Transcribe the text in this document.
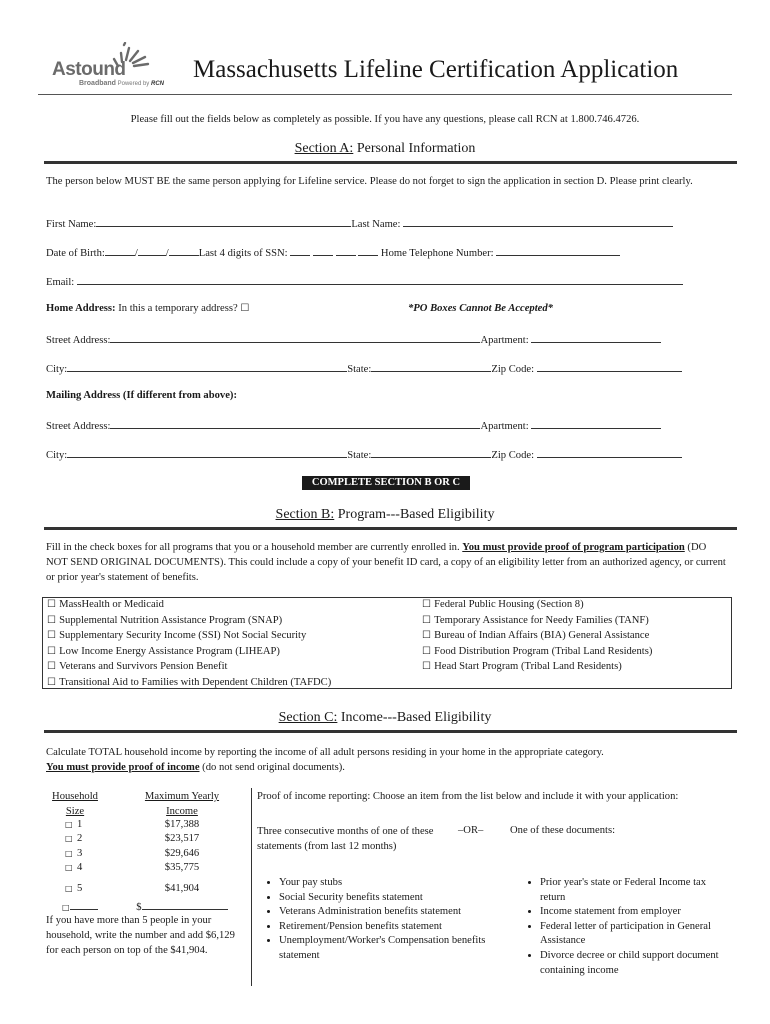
Astound
Broadband Powered by RCN
Massachusetts Lifeline Certification Application
Please fill out the fields below as completely as possible. If you have any questions, please call RCN at 1.800.746.4726.
Section A: Personal Information
The person below MUST BE the same person applying for Lifeline service. Please do not forget to sign the application in section D. Please print clearly.
First Name:	Last Name:
Date of Birth:	/	/	Last 4 digits of SSN:	Home Telephone Number:
Email:
Home Address: In this a temporary address? ☐	*PO Boxes Cannot Be Accepted*
Street Address:	Apartment:
City:	State:	Zip Code:
Mailing Address (If different from above):
Street Address:	Apartment:
City:	State:	Zip Code:
COMPLETE SECTION B OR C
Section B: Program---Based Eligibility
Fill in the check boxes for all programs that you or a household member are currently enrolled in. You must provide proof of program participation (DO NOT SEND ORIGINAL DOCUMENTS). This could include a copy of your benefit ID card, a copy of an eligibility letter from an authorized agency, or current or prior year's statement of benefits.
☐ MassHealth or Medicaid
☐ Supplemental Nutrition Assistance Program (SNAP)
☐ Supplementary Security Income (SSI) Not Social Security
☐ Low Income Energy Assistance Program (LIHEAP)
☐ Veterans and Survivors Pension Benefit
☐ Transitional Aid to Families with Dependent Children (TAFDC)
☐ Federal Public Housing (Section 8)
☐ Temporary Assistance for Needy Families (TANF)
☐ Bureau of Indian Affairs (BIA) General Assistance
☐ Food Distribution Program (Tribal Land Residents)
☐ Head Start Program (Tribal Land Residents)
Section C: Income---Based Eligibility
Calculate TOTAL household income by reporting the income of all adult persons residing in your home in the appropriate category.
You must provide proof of income (do not send original documents).
Household
Size
Maximum Yearly
Income
□ 1	$17,388
□ 2	$23,517
□ 3	$29,646
□ 4	$35,775
□ 5	$41,904
□	$
If you have more than 5 people in your household, write the number and add $6,129 for each person on top of the $41,904.
Proof of income reporting: Choose an item from the list below and include it with your application:
Three consecutive months of one of these statements (from last 12 months)
–OR–	One of these documents:
• Your pay stubs
• Social Security benefits statement
• Veterans Administration benefits statement
• Retirement/Pension benefits statement
• Unemployment/Worker's Compensation benefits statement
• Prior year's state or Federal Income tax return
• Income statement from employer
• Federal letter of participation in General Assistance
• Divorce decree or child support document containing income
